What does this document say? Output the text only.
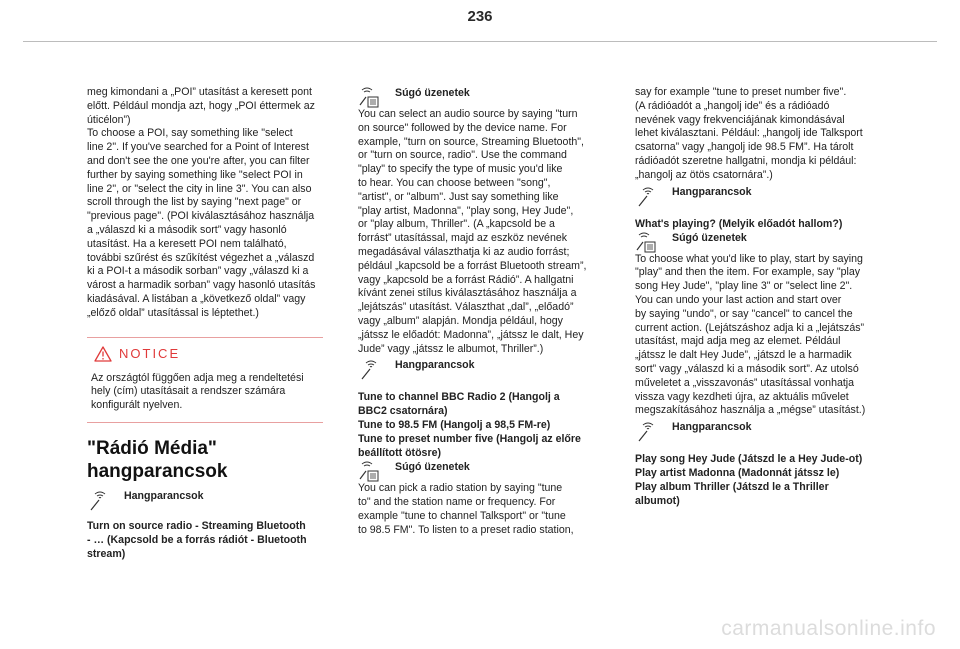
236

meg kimondani a „POI” utasítást a keresett pont
előtt. Például mondja azt, hogy „POI éttermek az
úticélon”)
To choose a POI, say something like "select
line 2". If you've searched for a Point of Interest
and don't see the one you're after, you can filter
further by saying something like "select POI in
line 2", or "select the city in line 3". You can also
scroll through the list by saying "next page" or
"previous page". (POI kiválasztásához használja
a „válaszd ki a második sort” vagy hasonló
utasítást. Ha a keresett POI nem található,
további szűrést és szűkítést végezhet a „válaszd
ki a POI-t a második sorban” vagy „válaszd ki a
várost a harmadik sorban” vagy hasonló utasítás
kiadásával. A listában a „következő oldal” vagy
„előző oldal” utasítással is léptethet.)

NOTICE

Az országtól függően adja meg a rendeltetési
hely (cím) utasításait a rendszer számára
konfigurált nyelven.

"Rádió Média"
hangparancsok
Hangparancsok

Turn on source radio - Streaming Bluetooth
- … (Kapcsold be a forrás rádiót - Bluetooth
stream)

Súgó üzenetek

You can select an audio source by saying "turn
on source" followed by the device name. For
example, "turn on source, Streaming Bluetooth",
or "turn on source, radio". Use the command
"play" to specify the type of music you'd like
to hear. You can choose between "song",
"artist", or "album". Just say something like
"play artist, Madonna", "play song, Hey Jude",
or "play album, Thriller". (A „kapcsold be a
forrást” utasítással, majd az eszköz nevének
megadásával választhatja ki az audio forrást;
például „kapcsold be a forrást Bluetooth stream”,
vagy „kapcsold be a forrást Rádió”. A hallgatni
kívánt zenei stílus kiválasztásához használja a
„lejátszás” utasítást. Választhat „dal”, „előadó”
vagy „album” alapján. Mondja például, hogy
„játssz le előadót: Madonna”, „játssz le dalt, Hey
Jude” vagy „játssz le albumot, Thriller”.)

Hangparancsok

Tune to channel BBC Radio 2 (Hangolj a
BBC2 csatornára)
Tune to 98.5 FM (Hangolj a 98,5 FM-re)
Tune to preset number five (Hangolj az előre
beállított ötösre)

Súgó üzenetek

You can pick a radio station by saying "tune
to" and the station name or frequency. For
example "tune to channel Talksport" or "tune
to 98.5 FM". To listen to a preset radio station,

say for example "tune to preset number five".
(A rádióadót a „hangolj ide” és a rádióadó
nevének vagy frekvenciájának kimondásával
lehet kiválasztani. Például: „hangolj ide Talksport
csatorna” vagy „hangolj ide 98.5 FM”. Ha tárolt
rádióadót szeretne hallgatni, mondja ki például:
„hangolj az ötös csatornára”.)

Hangparancsok

What's playing? (Melyik előadót hallom?)

Súgó üzenetek

To choose what you'd like to play, start by saying
"play" and then the item. For example, say "play
song Hey Jude", "play line 3" or "select line 2".
You can undo your last action and start over
by saying "undo", or say "cancel" to cancel the
current action. (Lejátszáshoz adja ki a „lejátszás”
utasítást, majd adja meg az elemet. Például
„játssz le dalt Hey Jude”, „játszd le a harmadik
sort” vagy „válaszd ki a második sort”. Az utolsó
műveletet a „visszavonás” utasítással vonhatja
vissza vagy kezdheti újra, az aktuális művelet
megszakításához használja a „mégse” utasítást.)

Hangparancsok

Play song Hey Jude (Játszd le a Hey Jude-ot)
Play artist Madonna (Madonnát játssz le)
Play album Thriller (Játszd le a Thriller
albumot)

carmanualsonline.info
